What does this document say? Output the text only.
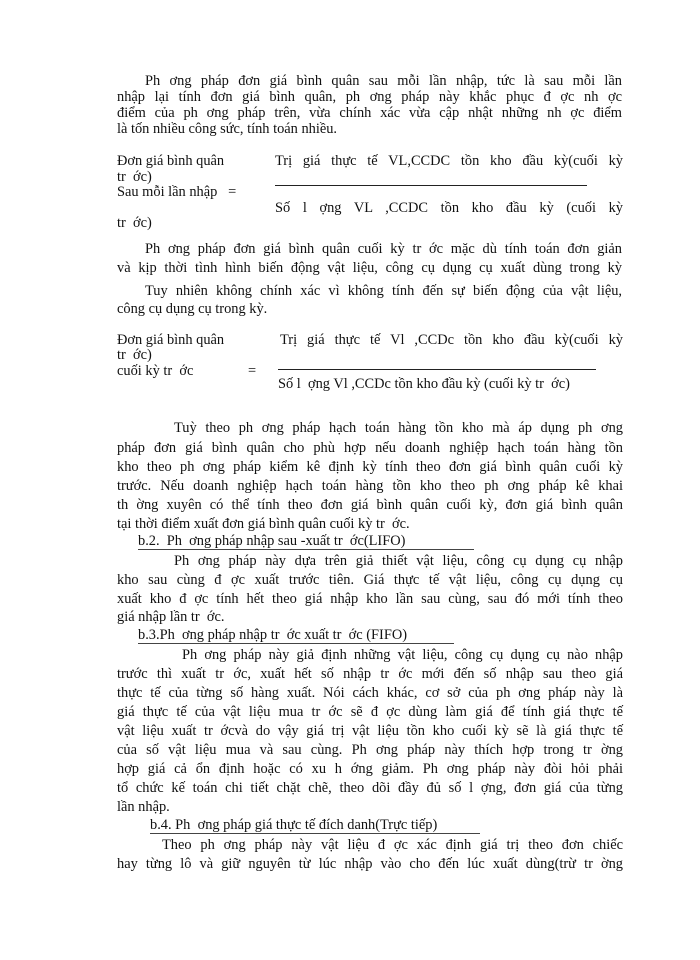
Ph ơng pháp đơn giá bình quân sau mỗi lần nhập, tức là sau mỗi lần
nhập lại tính đơn giá bình quân, ph ơng pháp này khắc phục đ ợc nh ợc
điểm của ph ơng pháp trên, vừa chính xác vừa cập nhật những nh ợc điểm
là tốn nhiều công sức, tính toán nhiều.
Đơn giá bình quân
tr  ớc)
Sau mỗi lần nhập   =
Trị giá thực tế VL,CCDC tồn kho đầu kỳ(cuối kỳ
Số l ợng VL ,CCDC tồn kho đầu kỳ (cuối kỳ
tr  ớc)
Ph ơng pháp đơn giá bình quân cuối kỳ tr ớc mặc dù tính toán đơn giản
và kịp thời tình hình biến động vật liệu, công cụ dụng cụ xuất dùng trong kỳ
Tuy nhiên không chính xác vì không tính đến sự biến động của vật liệu,
công cụ dụng cụ trong kỳ.
Đơn giá bình quân
tr  ớc)
cuối kỳ tr  ớc	=
Trị giá thực tế Vl ,CCDc tồn kho đầu kỳ(cuối kỳ
Số l  ợng Vl ,CCDc tồn kho đầu kỳ (cuối kỳ tr  ớc)
Tuỳ theo ph ơng pháp hạch toán hàng tồn kho mà áp dụng ph ơng
pháp đơn giá bình quân cho phù hợp nếu doanh nghiệp hạch toán hàng tồn
kho theo ph ơng pháp kiểm kê định kỳ tính theo đơn giá bình quân cuối kỳ
trước. Nếu doanh nghiệp hạch toán hàng tồn kho theo ph ơng pháp kê khai
th ờng xuyên có thể tính theo đơn giá bình quân cuối kỳ, đơn giá bình quân
tại thời điểm xuất đơn giá bình quân cuối kỳ tr  ớc.
b.2.  Ph  ơng pháp nhập sau -xuất tr  ớc(LIFO)
Ph ơng pháp này dựa trên giả thiết vật liệu, công cụ dụng cụ nhập
kho sau cùng đ ợc xuất trước tiên. Giá thực tế vật liệu, công cụ dụng cụ
xuất kho đ ợc tính hết theo giá nhập kho lần sau cùng, sau đó mới tính theo
giá nhập lần tr  ớc.
b.3.Ph  ơng pháp nhập tr  ớc xuất tr  ớc (FIFO)
Ph ơng pháp này giả định những vật liệu, công cụ dụng cụ nào nhập
trước thì xuất tr ớc, xuất hết số nhập tr ớc mới đến số nhập sau theo giá
thực tế của từng số hàng xuất. Nói cách khác, cơ sở của ph ơng pháp này là
giá thực tế của vật liệu mua tr ớc sẽ đ ợc dùng làm giá để tính giá thực tế
vật liệu xuất tr ớcvà do vậy giá trị vật liệu tồn kho cuối kỳ sẽ là giá thực tế
của số vật liệu mua và sau cùng. Ph ơng pháp này thích hợp trong tr ờng
hợp giá cả ổn định hoặc có xu h ớng giảm. Ph ơng pháp này đòi hỏi phải
tổ chức kế toán chi tiết chặt chẽ, theo dõi đầy đủ số l ợng, đơn giá của từng
lần nhập.
b.4. Ph  ơng pháp giá thực tế đích danh(Trực tiếp)
Theo ph ơng pháp này vật liệu đ ợc xác định giá trị theo đơn chiếc
hay từng lô và giữ nguyên từ lúc nhập vào cho đến lúc xuất dùng(trừ tr ờng
